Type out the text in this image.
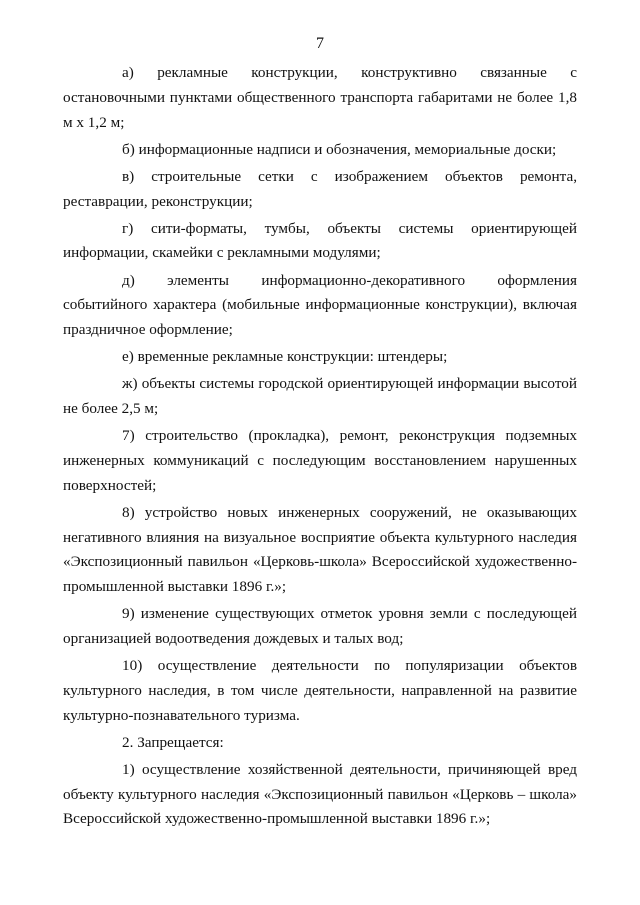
7

а) рекламные конструкции, конструктивно связанные с остановочными пунктами общественного транспорта габаритами не более 1,8 м х 1,2 м;

б) информационные надписи и обозначения, мемориальные доски;

в) строительные сетки с изображением объектов ремонта, реставрации, реконструкции;

г) сити-форматы, тумбы, объекты системы ориентирующей информации, скамейки с рекламными модулями;

д) элементы информационно-декоративного оформления событийного характера (мобильные информационные конструкции), включая праздничное оформление;

е) временные рекламные конструкции: штендеры;

ж) объекты системы городской ориентирующей информации высотой не более 2,5 м;

7) строительство (прокладка), ремонт, реконструкция подземных инженерных коммуникаций с последующим восстановлением нарушенных поверхностей;

8) устройство новых инженерных сооружений, не оказывающих негативного влияния на визуальное восприятие объекта культурного наследия «Экспозиционный павильон «Церковь-школа» Всероссийской художественно-промышленной выставки 1896 г.»;

9) изменение существующих отметок уровня земли с последующей организацией водоотведения дождевых и талых вод;

10) осуществление деятельности по популяризации объектов культурного наследия, в том числе деятельности, направленной на развитие культурно-познавательного туризма.

2. Запрещается:

1) осуществление хозяйственной деятельности, причиняющей вред объекту культурного наследия «Экспозиционный павильон «Церковь – школа» Всероссийской художественно-промышленной выставки 1896 г.»;
